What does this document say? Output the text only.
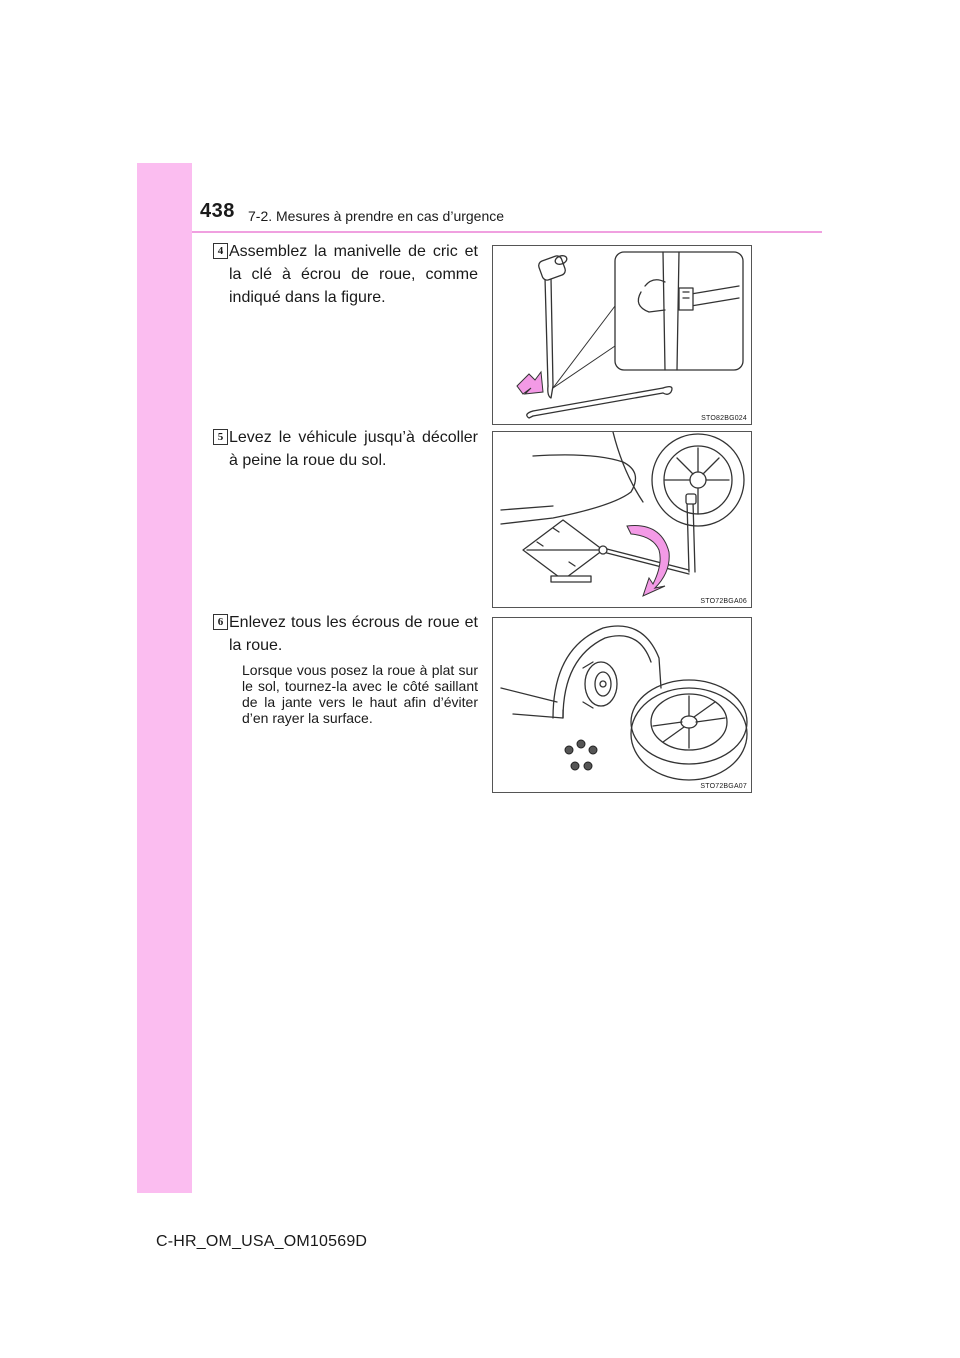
438 7-2. Mesures à prendre en cas d’urgence
4 Assemblez la manivelle de cric et la clé à écrou de roue, comme indiqué dans la figure.
STO82BG024
5 Levez le véhicule jusqu’à décoller à peine la roue du sol.
STO72BGA06
6 Enlevez tous les écrous de roue et la roue.
Lorsque vous posez la roue à plat sur le sol, tournez-la avec le côté saillant de la jante vers le haut afin d’éviter d’en rayer la surface.
STO72BGA07
C-HR_OM_USA_OM10569D
